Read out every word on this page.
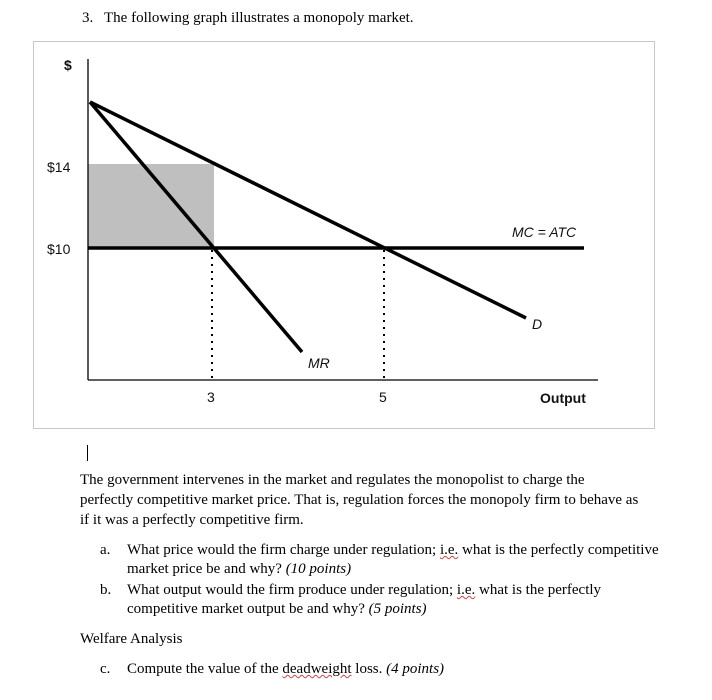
3. The following graph illustrates a monopoly market.
$
$14
$10
3	5	Output
MC = ATC
D
MR
The government intervenes in the market and regulates the monopolist to charge the perfectly competitive market price. That is, regulation forces the monopoly firm to behave as if it was a perfectly competitive firm.
a. What price would the firm charge under regulation; i.e. what is the perfectly competitive market price be and why? (10 points)
b. What output would the firm produce under regulation; i.e. what is the perfectly competitive market output be and why? (5 points)
Welfare Analysis
c. Compute the value of the deadweight loss. (4 points)
